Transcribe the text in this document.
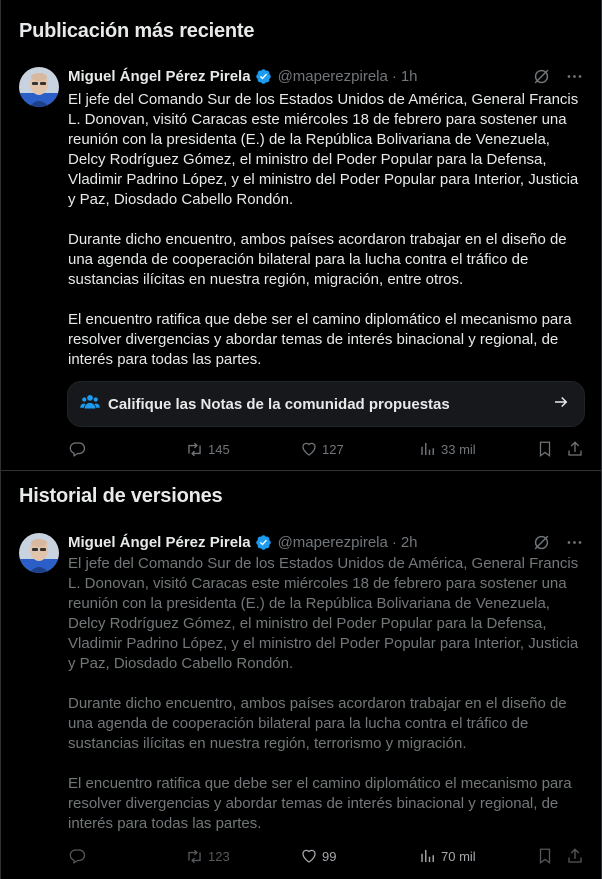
Publicación más reciente
Miguel Ángel Pérez Pirela @maperezpirela · 1h

El jefe del Comando Sur de los Estados Unidos de América, General Francis L. Donovan, visitó Caracas este miércoles 18 de febrero para sostener una reunión con la presidenta (E.) de la República Bolivariana de Venezuela, Delcy Rodríguez Gómez, el ministro del Poder Popular para la Defensa, Vladimir Padrino López, y el ministro del Poder Popular para Interior, Justicia y Paz, Diosdado Cabello Rondón.

Durante dicho encuentro, ambos países acordaron trabajar en el diseño de una agenda de cooperación bilateral para la lucha contra el tráfico de sustancias ilícitas en nuestra región, migración, entre otros.

El encuentro ratifica que debe ser el camino diplomático el mecanismo para resolver divergencias y abordar temas de interés binacional y regional, de interés para todas las partes.

Califique las Notas de la comunidad propuestas
145	127	33 mil
Historial de versiones
Miguel Ángel Pérez Pirela @maperezpirela · 2h

El jefe del Comando Sur de los Estados Unidos de América, General Francis L. Donovan, visitó Caracas este miércoles 18 de febrero para sostener una reunión con la presidenta (E.) de la República Bolivariana de Venezuela, Delcy Rodríguez Gómez, el ministro del Poder Popular para la Defensa, Vladimir Padrino López, y el ministro del Poder Popular para Interior, Justicia y Paz, Diosdado Cabello Rondón.

Durante dicho encuentro, ambos países acordaron trabajar en el diseño de una agenda de cooperación bilateral para la lucha contra el tráfico de sustancias ilícitas en nuestra región, terrorismo y migración.

El encuentro ratifica que debe ser el camino diplomático el mecanismo para resolver divergencias y abordar temas de interés binacional y regional, de interés para todas las partes.

123	99	70 mil
